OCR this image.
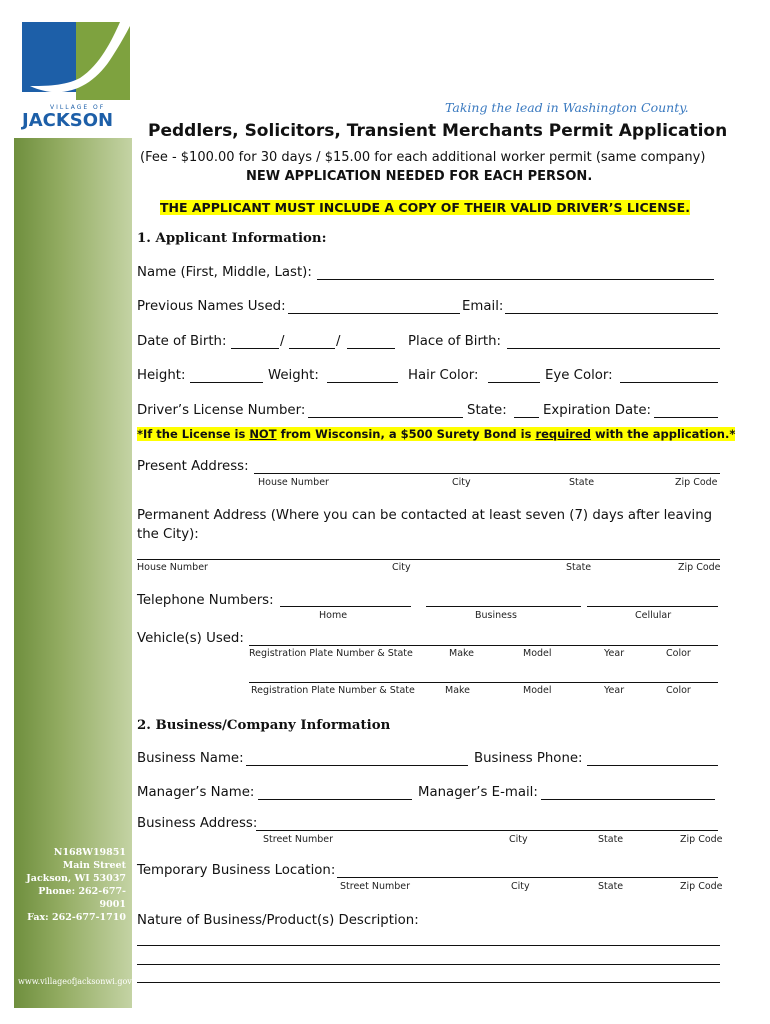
VILLAGE OF
JACKSON
Taking the lead in Washington County.
Peddlers, Solicitors, Transient Merchants Permit Application
N168W19851
Main Street
Jackson, WI 53037
Phone: 262-677-9001
Fax: 262-677-1710
www.villageofjacksonwi.gov
(Fee - $100.00 for 30 days / $15.00 for each additional worker permit (same company)
NEW APPLICATION NEEDED FOR EACH PERSON.
THE APPLICANT MUST INCLUDE A COPY OF THEIR VALID DRIVER’S LICENSE.
1. Applicant Information:
Name (First, Middle, Last):
Previous Names Used:	Email:
Date of Birth:	/	/	Place of Birth:
Height:	Weight:	Hair Color:	Eye Color:
Driver’s License Number:	State:	Expiration Date:
*If the License is NOT from Wisconsin, a $500 Surety Bond is required with the application.*
Present Address:
House Number	City	State	Zip Code
Permanent Address (Where you can be contacted at least seven (7) days after leaving
the City):
House Number	City	State	Zip Code
Telephone Numbers:
Home	Business	Cellular
Vehicle(s) Used:
Registration Plate Number & State	Make	Model	Year	Color
Registration Plate Number & State	Make	Model	Year	Color
2. Business/Company Information
Business Name:	Business Phone:
Manager’s Name:	Manager’s E-mail:
Business Address:
Street Number	City	State	Zip Code
Temporary Business Location:
Street Number	City	State	Zip Code
Nature of Business/Product(s) Description:
